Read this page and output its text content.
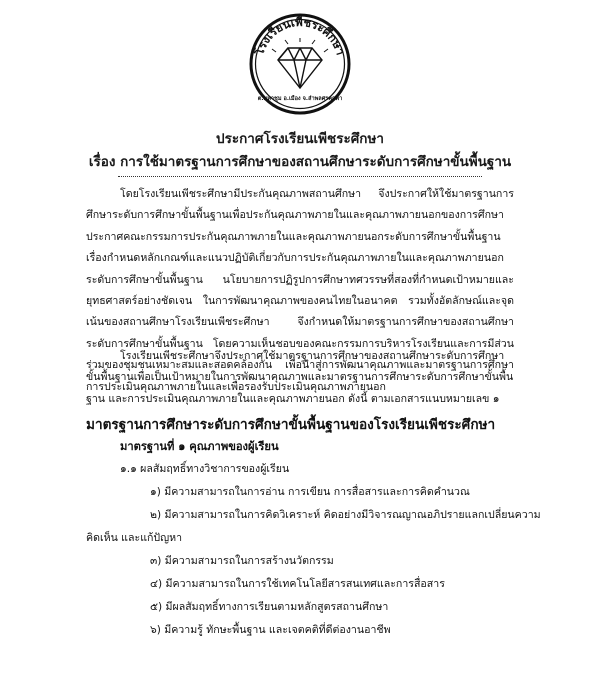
โรงเรียนเพีชระศึกษา
ต.มหาชุม อ.เมือง จ.ลำพลศรคกพา
ประกาศโรงเรียนเพีชระศึกษา
เรื่อง การใช้มาตรฐานการศึกษาของสถานศึกษาระดับการศึกษาขั้นพื้นฐาน

โดยโรงเรียนเพีชระศึกษามีประกันคุณภาพสถานศึกษา จึงประกาศให้ใช้มาตรฐานการศึกษาระดับการศึกษาขั้นพื้นฐานเพื่อประกันคุณภาพภายในและคุณภาพภายนอกของการศึกษา ประกาศคณะกรรมการประกันคุณภาพภายในและคุณภาพภายนอกระดับการศึกษาขั้นพื้นฐาน เรื่องกำหนดหลักเกณฑ์และแนวปฏิบัติเกี่ยวกับการประกันคุณภาพภายในและคุณภาพภายนอกระดับการศึกษาขั้นพื้นฐาน นโยบายการปฏิรูปการศึกษาทศวรรษที่สองที่กำหนดเป้าหมายและยุทธศาสตร์อย่างชัดเจน ในการพัฒนาคุณภาพของคนไทยในอนาคต รวมทั้งอัตลักษณ์และจุดเน้นของสถานศึกษาโรงเรียนเพีชระศึกษา จึงกำหนดให้มาตรฐานการศึกษาของสถานศึกษาระดับการศึกษาขั้นพื้นฐาน โดยความเห็นชอบของคณะกรรมการบริหารโรงเรียนและการมีส่วนร่วมของชุมชนเหมาะสมและสอดคล้องกัน เพื่อนำสู่การพัฒนาคุณภาพและมาตรฐานการศึกษา การประเมินคุณภาพภายในและเพื่อรองรับประเมินคุณภาพภายนอก

โรงเรียนเพีชระศึกษาจึงประกาศใช้มาตรฐานการศึกษาของสถานศึกษาระดับการศึกษาขั้นพื้นฐานเพื่อเป็นเป้าหมายในการพัฒนาคุณภาพและมาตรฐานการศึกษาระดับการศึกษาขั้นพื้นฐาน และการประเมินคุณภาพภายในและคุณภาพภายนอก ดังนี้ ตามเอกสารแนบหมายเลข ๑

มาตรฐานการศึกษาระดับการศึกษาขั้นพื้นฐานของโรงเรียนเพีชระศึกษา
มาตรฐานที่ ๑ คุณภาพของผู้เรียน
๑.๑ ผลสัมฤทธิ์ทางวิชาการของผู้เรียน
๑) มีความสามารถในการอ่าน การเขียน การสื่อสารและการคิดคำนวณ
๒) มีความสามารถในการคิดวิเคราะห์ คิดอย่างมีวิจารณญาณอภิปรายแลกเปลี่ยนความ
คิดเห็น และแก้ปัญหา
๓) มีความสามารถในการสร้างนวัตกรรม
๔) มีความสามารถในการใช้เทคโนโลยีสารสนเทศและการสื่อสาร
๕) มีผลสัมฤทธิ์ทางการเรียนตามหลักสูตรสถานศึกษา
๖) มีความรู้ ทักษะพื้นฐาน และเจตคติที่ดีต่องานอาชีพ
